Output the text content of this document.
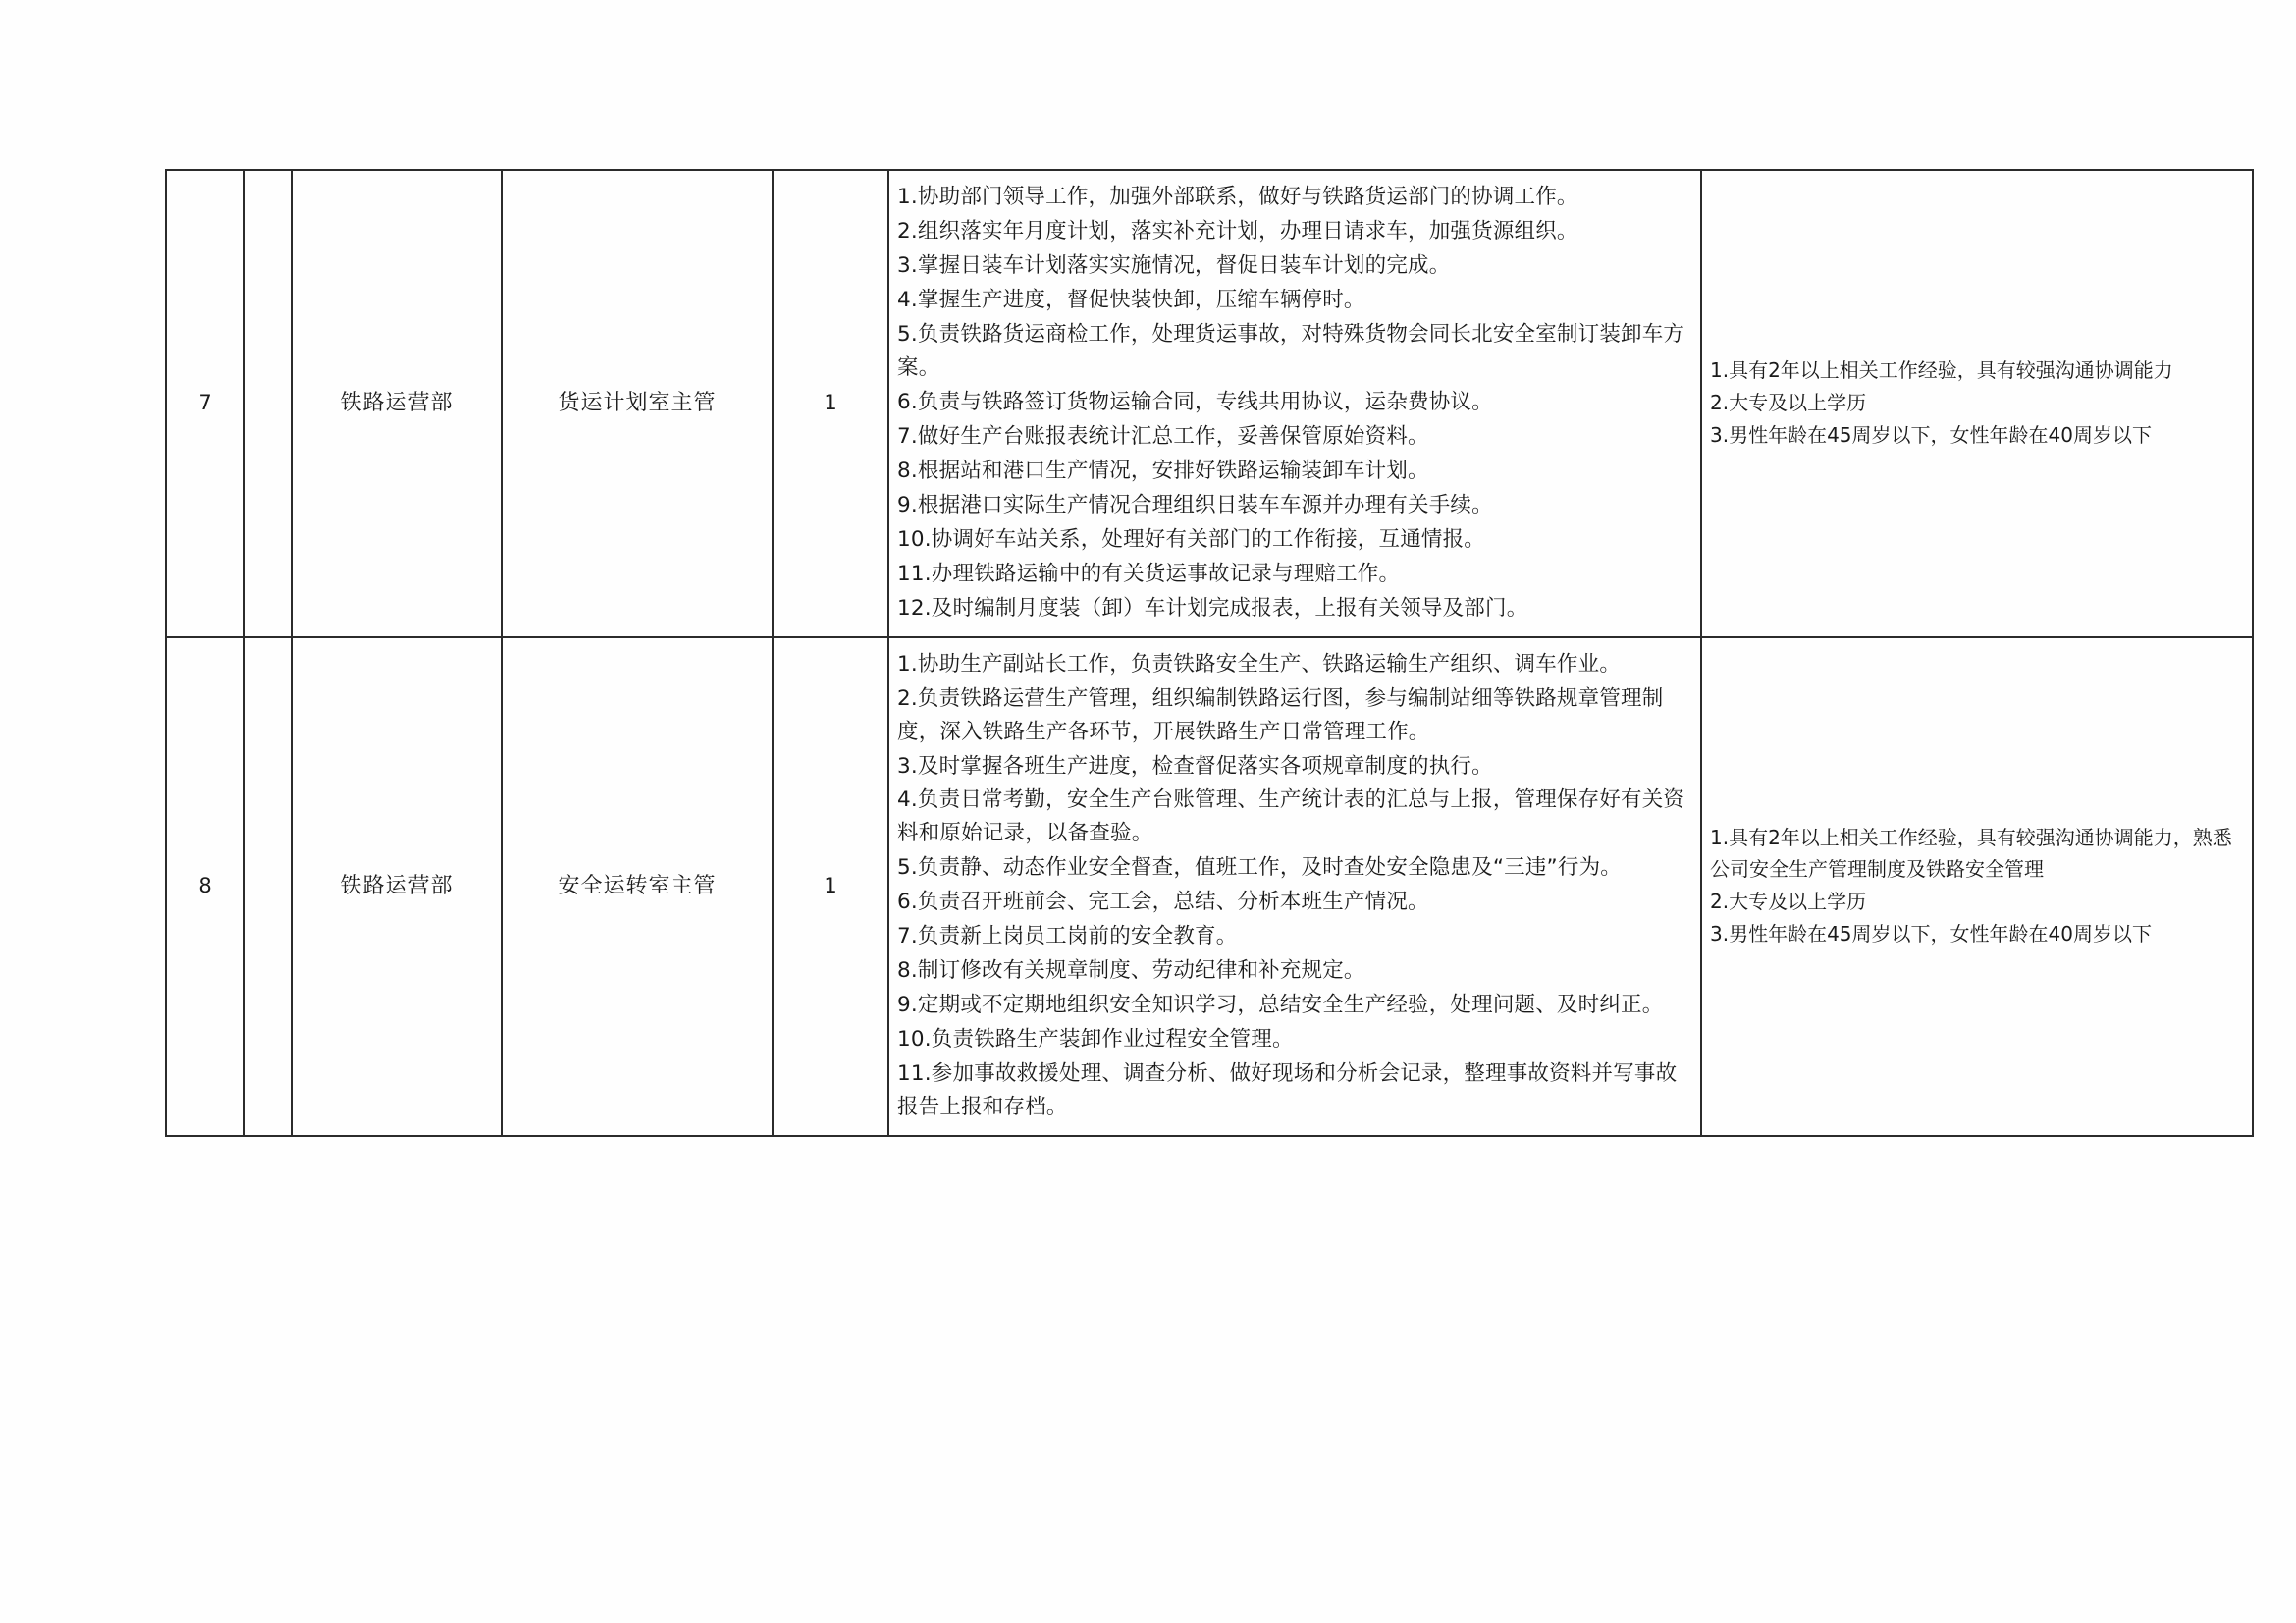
7		铁路运营部	货运计划室主管	1	
1.协助部门领导工作，加强外部联系，做好与铁路货运部门的协调工作。
2.组织落实年月度计划，落实补充计划，办理日请求车，加强货源组织。
3.掌握日装车计划落实实施情况，督促日装车计划的完成。
4.掌握生产进度，督促快装快卸，压缩车辆停时。
5.负责铁路货运商检工作，处理货运事故，对特殊货物会同长北安全室制订装卸车方案。
6.负责与铁路签订货物运输合同，专线共用协议，运杂费协议。
7.做好生产台账报表统计汇总工作，妥善保管原始资料。
8.根据站和港口生产情况，安排好铁路运输装卸车计划。
9.根据港口实际生产情况合理组织日装车车源并办理有关手续。
10.协调好车站关系，处理好有关部门的工作衔接，互通情报。
11.办理铁路运输中的有关货运事故记录与理赔工作。
12.及时编制月度装（卸）车计划完成报表，上报有关领导及部门。

1.具有2年以上相关工作经验，具有较强沟通协调能力
2.大专及以上学历
3.男性年龄在45周岁以下，女性年龄在40周岁以下

8		铁路运营部	安全运转室主管	1	
1.协助生产副站长工作，负责铁路安全生产、铁路运输生产组织、调车作业。
2.负责铁路运营生产管理，组织编制铁路运行图，参与编制站细等铁路规章管理制度，深入铁路生产各环节，开展铁路生产日常管理工作。
3.及时掌握各班生产进度，检查督促落实各项规章制度的执行。
4.负责日常考勤，安全生产台账管理、生产统计表的汇总与上报，管理保存好有关资料和原始记录，以备查验。
5.负责静、动态作业安全督查，值班工作，及时查处安全隐患及“三违”行为。
6.负责召开班前会、完工会，总结、分析本班生产情况。
7.负责新上岗员工岗前的安全教育。
8.制订修改有关规章制度、劳动纪律和补充规定。
9.定期或不定期地组织安全知识学习，总结安全生产经验，处理问题、及时纠正。
10.负责铁路生产装卸作业过程安全管理。
11.参加事故救援处理、调查分析、做好现场和分析会记录，整理事故资料并写事故报告上报和存档。

1.具有2年以上相关工作经验，具有较强沟通协调能力，熟悉公司安全生产管理制度及铁路安全管理
2.大专及以上学历
3.男性年龄在45周岁以下，女性年龄在40周岁以下
